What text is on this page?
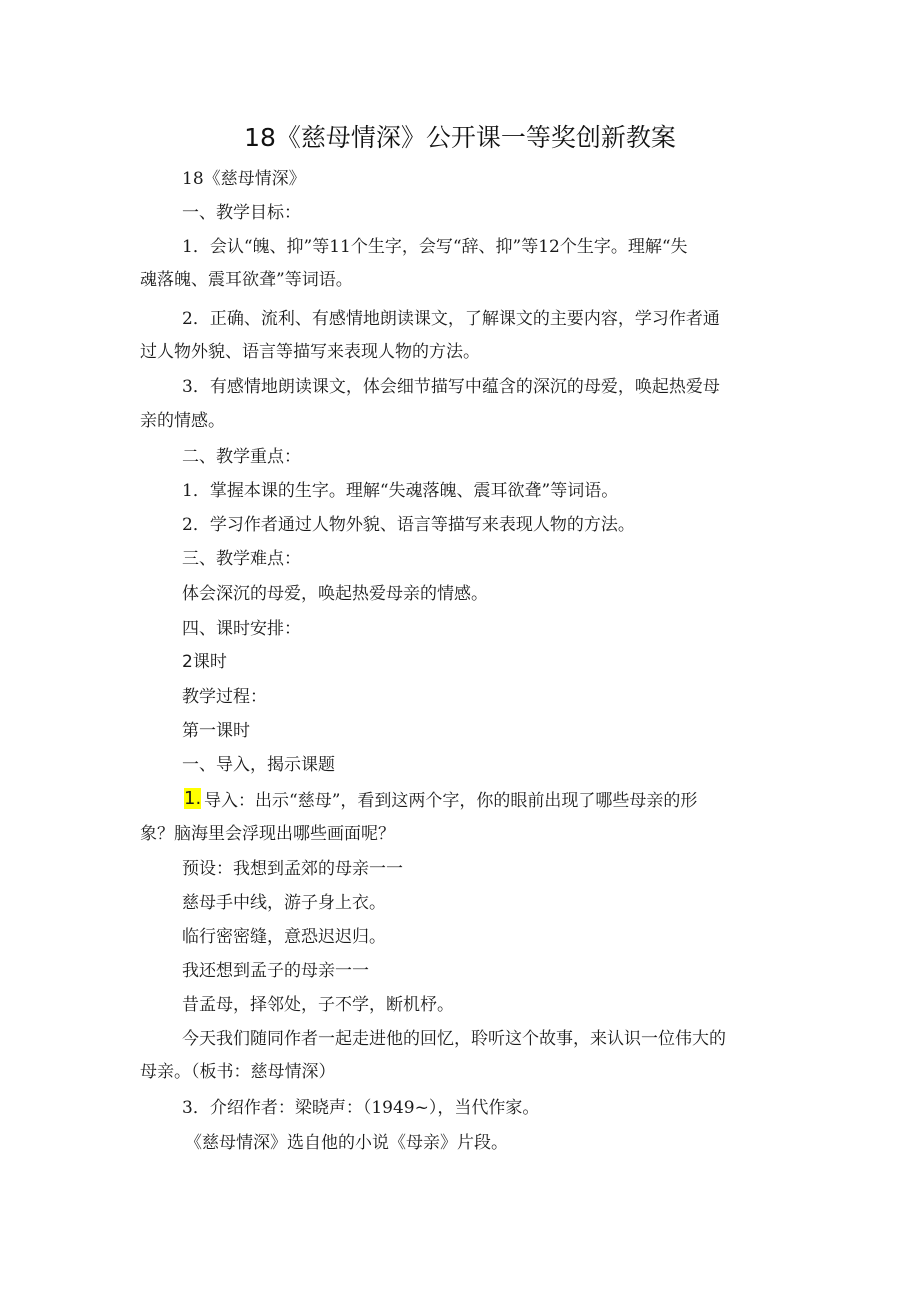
18《慈母情深》公开课一等奖创新教案
18《慈母情深》
一、教学目标：
1．会认“魄、抑”等11个生字，会写“辞、抑”等12个生字。理解“失
魂落魄、震耳欲聋”等词语。
2．正确、流利、有感情地朗读课文，了解课文的主要内容，学习作者通
过人物外貌、语言等描写来表现人物的方法。
3．有感情地朗读课文，体会细节描写中蕴含的深沉的母爱，唤起热爱母
亲的情感。
二、教学重点：
1．掌握本课的生字。理解“失魂落魄、震耳欲聋”等词语。
2．学习作者通过人物外貌、语言等描写来表现人物的方法。
三、教学难点：
体会深沉的母爱，唤起热爱母亲的情感。
四、课时安排：
2课时
教学过程：
第一课时
一、导入，揭示课题
1. 导入：出示“慈母”，看到这两个字，你的眼前出现了哪些母亲的形
象？脑海里会浮现出哪些画面呢？
预设：我想到孟郊的母亲一一
慈母手中线，游子身上衣。
临行密密缝，意恐迟迟归。
我还想到孟子的母亲一一
昔孟母，择邻处，子不学，断机杼。
今天我们随同作者一起走进他的回忆，聆听这个故事，来认识一位伟大的
母亲。（板书：慈母情深）
3．介绍作者：梁晓声：（1949~），当代作家。
《慈母情深》选自他的小说《母亲》片段。
